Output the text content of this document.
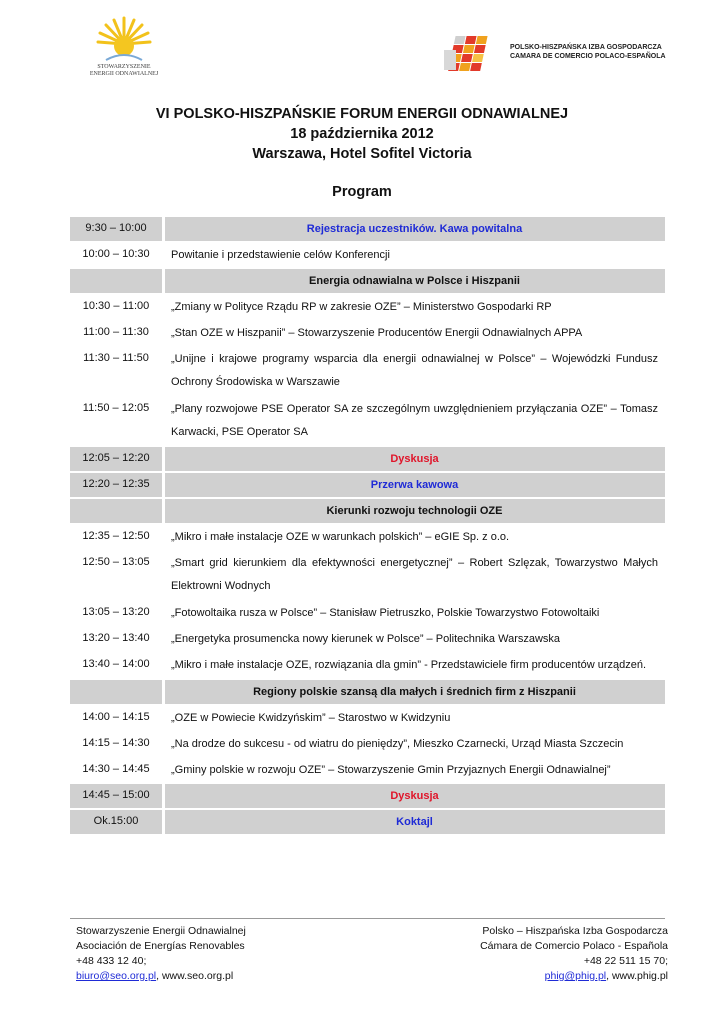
STOWARZYSZENIE
ENERGII ODNAWIALNEJ
POLSKO-HISZPAŃSKA IZBA GOSPODARCZA
CAMARA DE COMERCIO POLACO-ESPAÑOLA
VI POLSKO-HISZPAŃSKIE FORUM ENERGII ODNAWIALNEJ
18 października 2012
Warszawa, Hotel Sofitel Victoria
Program
9:30 – 10:00		Rejestracja uczestników. Kawa powitalna
10:00 – 10:30		Powitanie i przedstawienie celów Konferencji
		Energia odnawialna w Polsce i Hiszpanii
10:30 – 11:00		„Zmiany w Polityce Rządu RP w zakresie OZE” – Ministerstwo Gospodarki RP
11:00 – 11:30		„Stan OZE w Hiszpanii” – Stowarzyszenie Producentów Energii Odnawialnych APPA
11:30 – 11:50		„Unijne i krajowe programy wsparcia dla energii odnawialnej w Polsce” – Wojewódzki Fundusz Ochrony Środowiska w Warszawie
11:50 – 12:05		„Plany rozwojowe PSE Operator SA ze szczególnym uwzględnieniem przyłączania OZE” – Tomasz Karwacki, PSE Operator SA
12:05 – 12:20		Dyskusja
12:20 – 12:35		Przerwa kawowa
		Kierunki rozwoju technologii OZE
12:35 – 12:50		„Mikro i małe instalacje OZE w warunkach polskich” – eGIE Sp. z o.o.
12:50 – 13:05		„Smart grid kierunkiem dla efektywności energetycznej” – Robert Szlęzak, Towarzystwo Małych Elektrowni Wodnych
13:05 – 13:20		„Fotowoltaika rusza w Polsce” – Stanisław Pietruszko, Polskie Towarzystwo Fotowoltaiki
13:20 – 13:40		„Energetyka prosumencka nowy kierunek w Polsce” – Politechnika Warszawska
13:40 – 14:00		„Mikro i małe instalacje OZE, rozwiązania dla gmin” - Przedstawiciele firm producentów urządzeń.
		Regiony polskie szansą dla małych i średnich firm z Hiszpanii
14:00 – 14:15		„OZE w Powiecie Kwidzyńskim” – Starostwo w Kwidzyniu
14:15 – 14:30		„Na drodze do sukcesu - od wiatru do pieniędzy”, Mieszko Czarnecki, Urząd Miasta Szczecin
14:30 – 14:45		„Gminy polskie w rozwoju OZE” – Stowarzyszenie Gmin Przyjaznych Energii Odnawialnej”
14:45 – 15:00		Dyskusja
Ok.15:00		Koktajl
Stowarzyszenie Energii Odnawialnej
Asociación de Energías Renovables
+48 433 12 40;
biuro@seo.org.pl, www.seo.org.pl
Polsko – Hiszpańska Izba Gospodarcza
Cámara de Comercio Polaco - Española
+48 22 511 15 70;
phig@phig.pl, www.phig.pl
